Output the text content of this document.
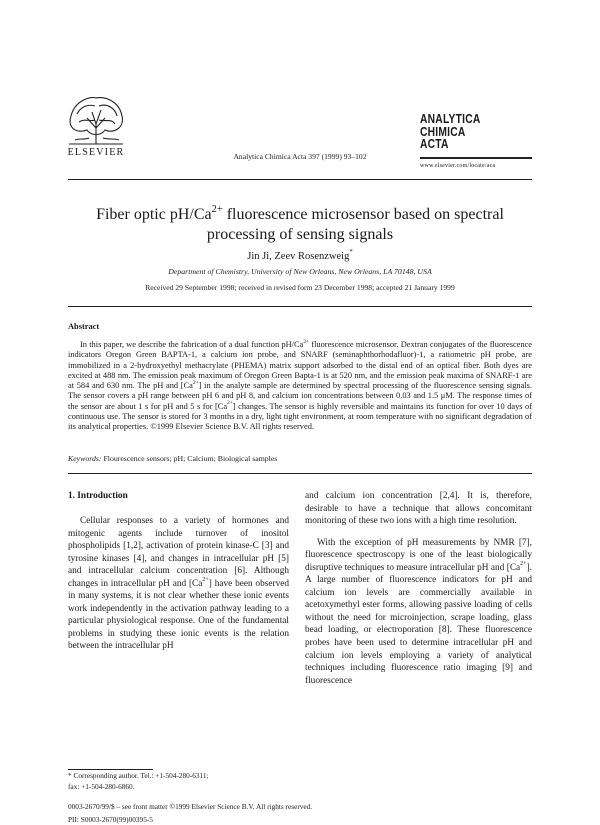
ELSEVIER	Analytica Chimica Acta 397 (1999) 93–102
ANALYTICA
CHIMICA
ACTA
www.elsevier.com/locate/aca
Fiber optic $pH/Ca^{2+}$ fluorescence microsensor based on spectral processing of sensing signals
Jin Ji, Zeev Rosenzweig*
Department of Chemistry, University of New Orleans, New Orleans, LA 70148, USA
Received 29 September 1998; received in revised form 23 December 1998; accepted 21 January 1999
Abstract

In this paper, we describe the fabrication of a dual function $pH/Ca^{2+}$ fluorescence microsensor. Dextran conjugates of the fluorescence indicators Oregon Green BAPTA-1, a calcium ion probe, and SNARF (seminaphthorhodafluor)-1, a ratiometric pH probe, are immobilized in a 2-hydroxyethyl methacrylate (PHEMA) matrix support adsorbed to the distal end of an optical fiber. Both dyes are excited at 488 nm. The emission peak maximum of Oregon Green Bapta-1 is at 520 nm, and the emission peak maxima of SNARF-1 are at 584 and 630 nm. The pH and $[Ca^{2+}]$ in the analyte sample are determined by spectral processing of the fluorescence sensing signals. The sensor covers a pH range between pH 6 and pH 8, and calcium ion concentrations between 0.03 and 1.5 μM. The response times of the sensor are about 1 s for pH and 5 s for $[Ca^{2+}]$ changes. The sensor is highly reversible and maintains its function for over 10 days of continuous use. The sensor is stored for 3 months in a dry, light tight environment, at room temperature with no significant degradation of its analytical properties. ©1999 Elsevier Science B.V. All rights reserved.

Keywords: Flourescence sensors; pH; Calcium; Biological samples
1. Introduction

Cellular responses to a variety of hormones and mitogenic agents include turnover of inositol phospholipids [1,2], activation of protein kinase-C [3] and tyrosine kinases [4], and changes in intracellular pH [5] and intracellular calcium concentration [6]. Although changes in intracellular pH and $[Ca^{2+}]$ have been observed in many systems, it is not clear whether these ionic events work independently in the activation pathway leading to a particular physiological response. One of the fundamental problems in studying these ionic events is the relation between the intracellular pH

and calcium ion concentration [2,4]. It is, therefore, desirable to have a technique that allows concomitant monitoring of these two ions with a high time resolution.

With the exception of pH measurements by NMR [7], fluorescence spectroscopy is one of the least biologically disruptive techniques to measure intracellular pH and $[Ca^{2+}]$. A large number of fluorescence indicators for pH and calcium ion levels are commercially available in acetoxymethyl ester forms, allowing passive loading of cells without the need for microinjection, scrape loading, glass bead loading, or electroporation [8]. These fluorescence probes have been used to determine intracellular pH and calcium ion levels employing a variety of analytical techniques including fluorescence ratio imaging [9] and fluorescence

* Corresponding author. Tel.: +1-504-280-6311;
fax: +1-504-280-6860.
0003-2670/99/$ – see front matter ©1999 Elsevier Science B.V. All rights reserved.
PII: S0003-2670(99)00395-5
